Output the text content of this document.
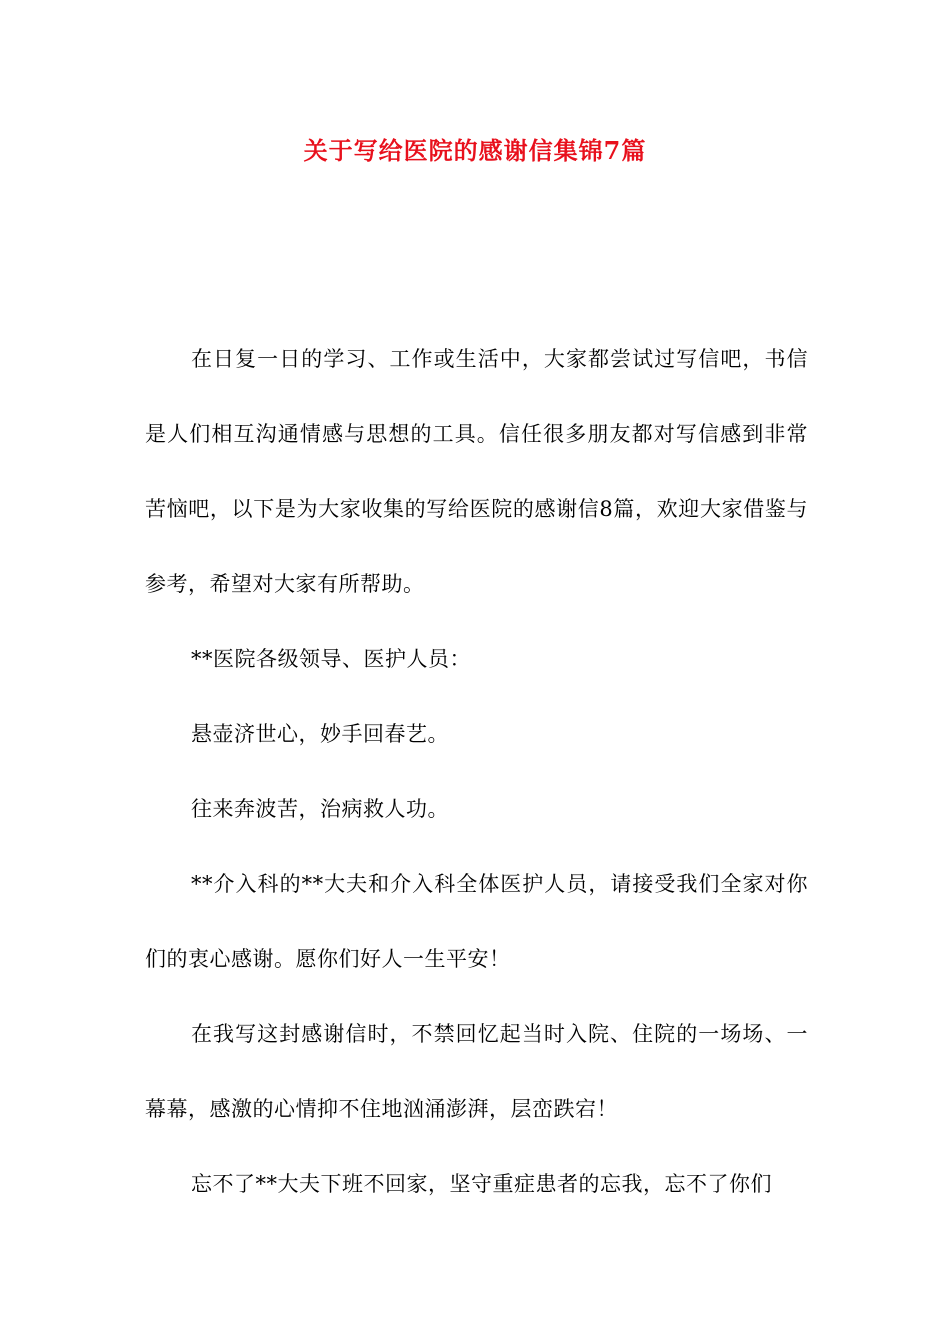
关于写给医院的感谢信集锦7篇

在日复一日的学习、工作或生活中，大家都尝试过写信吧，书信是人们相互沟通情感与思想的工具。信任很多朋友都对写信感到非常苦恼吧，以下是为大家收集的写给医院的感谢信8篇，欢迎大家借鉴与参考，希望对大家有所帮助。

**医院各级领导、医护人员：

悬壶济世心，妙手回春艺。

往来奔波苦，治病救人功。

**介入科的**大夫和介入科全体医护人员，请接受我们全家对你们的衷心感谢。愿你们好人一生平安！

在我写这封感谢信时，不禁回忆起当时入院、住院的一场场、一幕幕，感激的心情抑不住地汹涌澎湃，层峦跌宕！

忘不了**大夫下班不回家，坚守重症患者的忘我，忘不了你们
